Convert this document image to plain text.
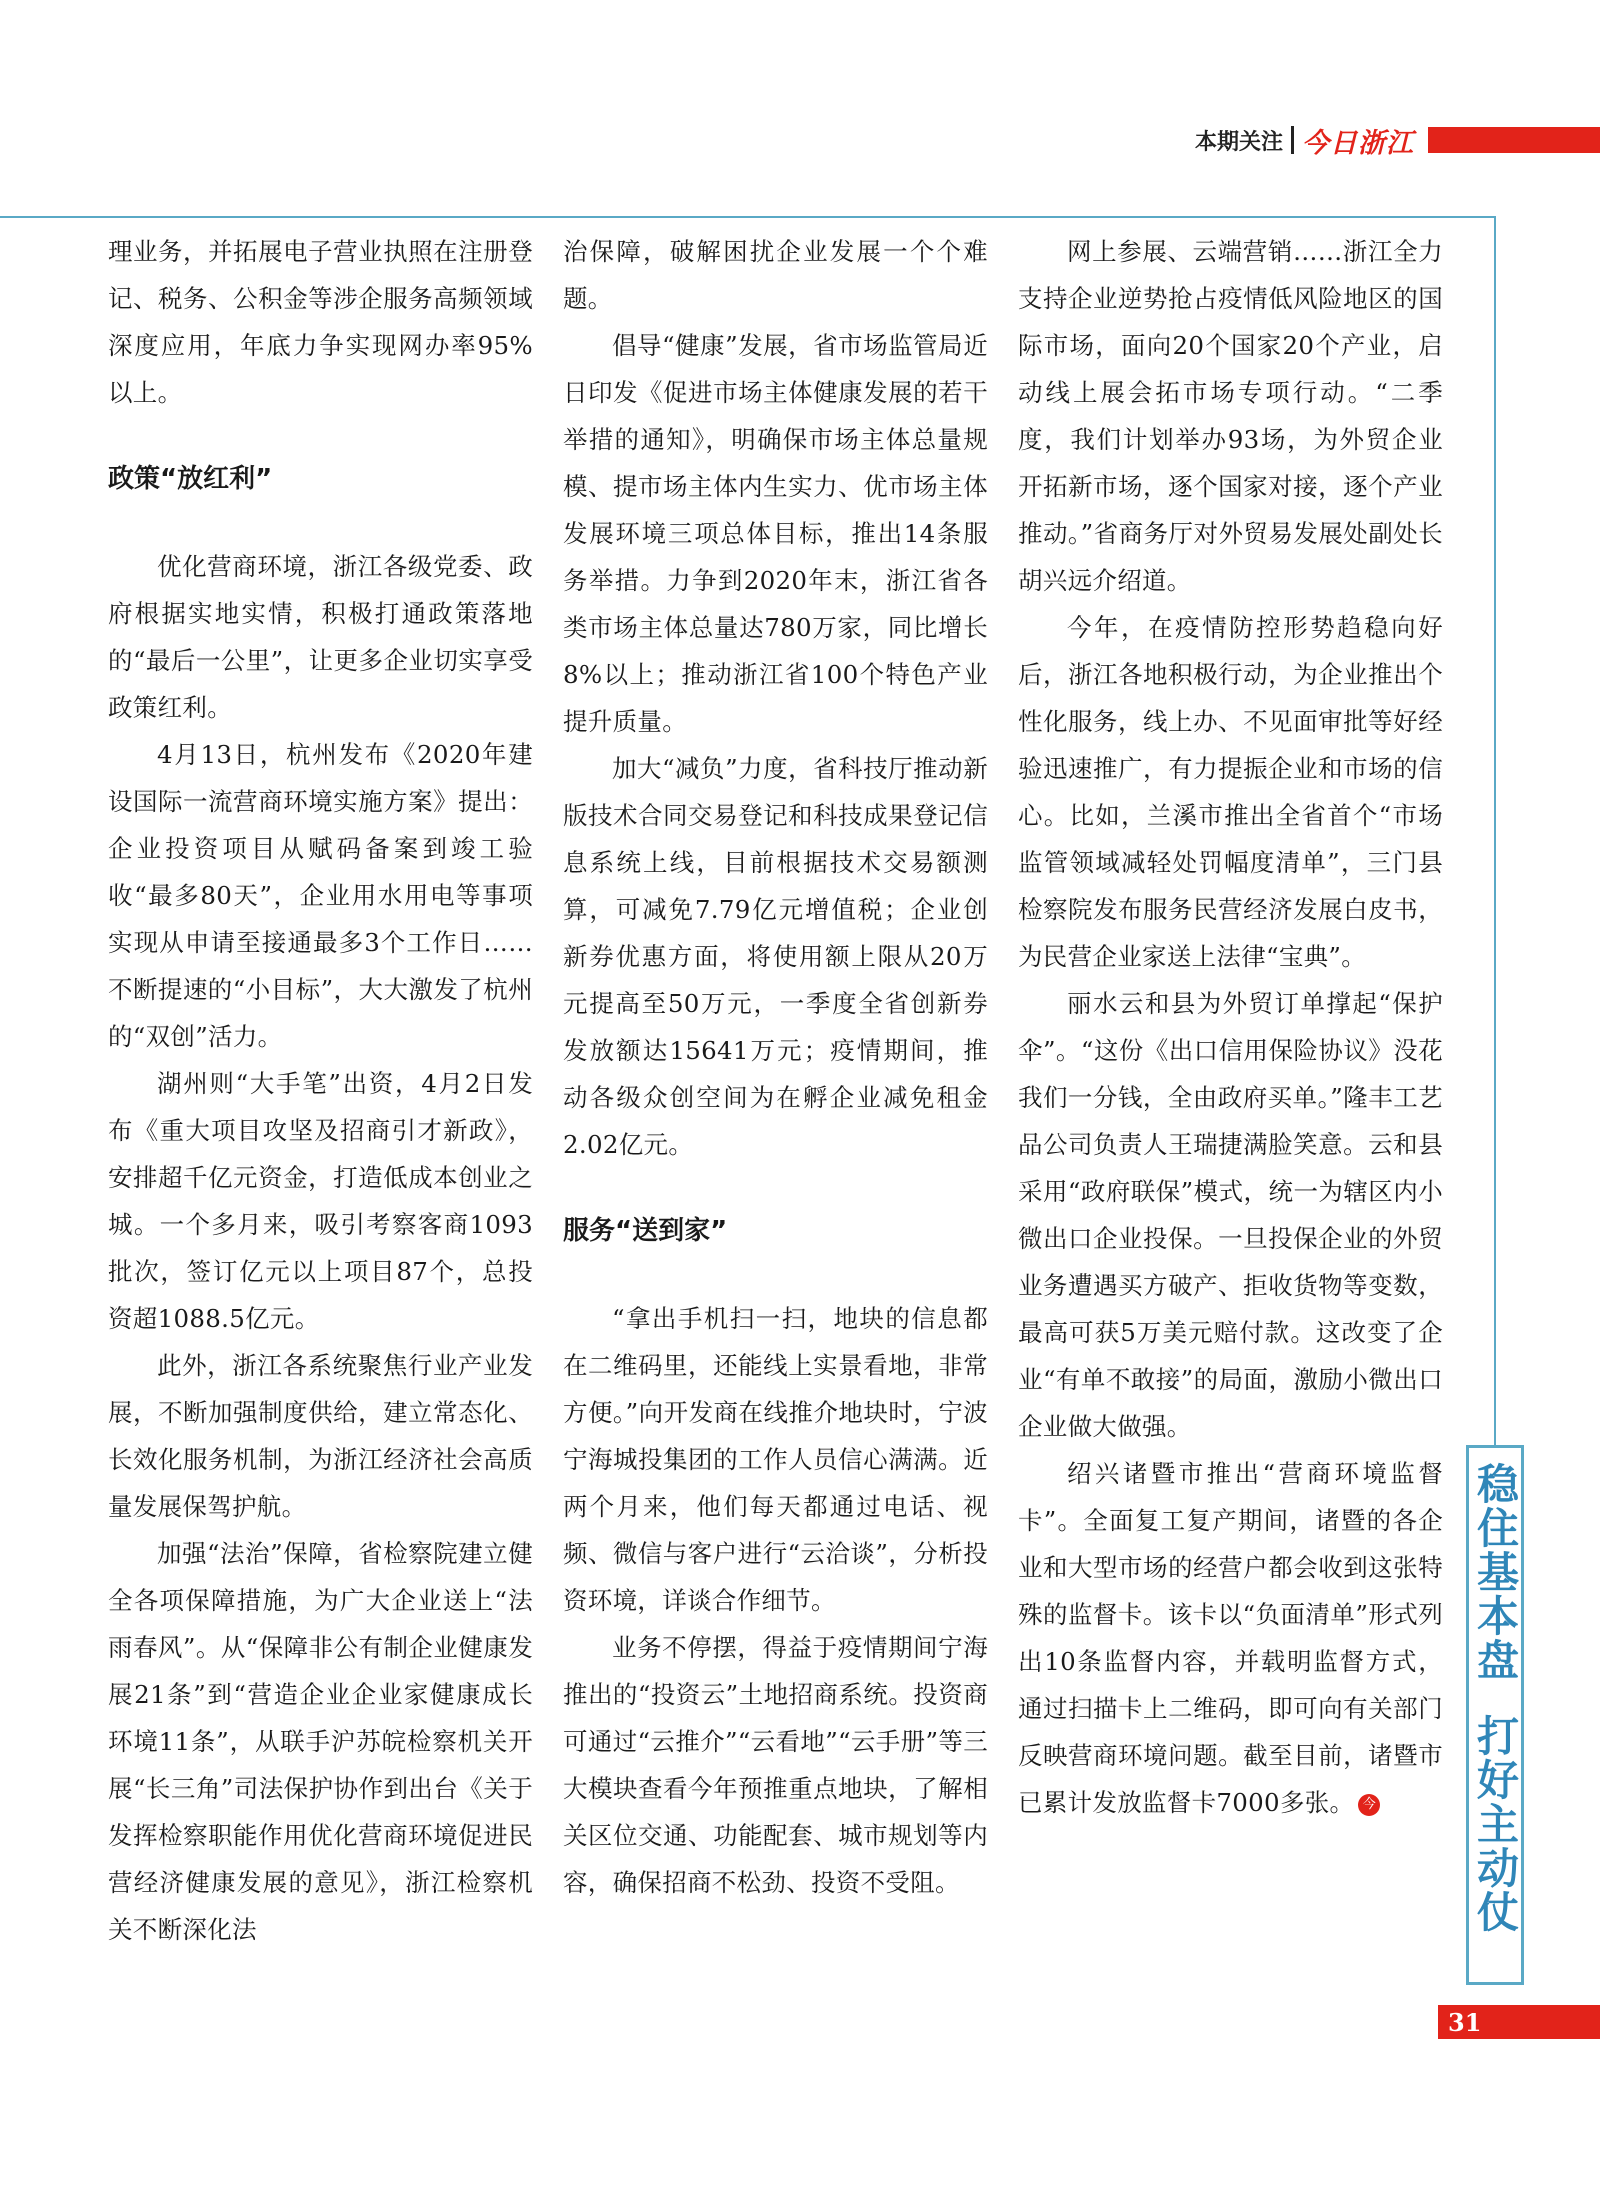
本期关注 今日浙江

理业务，并拓展电子营业执照在注册登记、税务、公积金等涉企服务高频领域深度应用，年底力争实现网办率95%以上。

政策“放红利”

优化营商环境，浙江各级党委、政府根据实地实情，积极打通政策落地的“最后一公里”，让更多企业切实享受政策红利。

4月13日，杭州发布《2020年建设国际一流营商环境实施方案》提出：企业投资项目从赋码备案到竣工验收“最多80天”，企业用水用电等事项实现从申请至接通最多3个工作日……不断提速的“小目标”，大大激发了杭州的“双创”活力。

湖州则“大手笔”出资，4月2日发布《重大项目攻坚及招商引才新政》，安排超千亿元资金，打造低成本创业之城。一个多月来，吸引考察客商1093批次，签订亿元以上项目87个，总投资超1088.5亿元。

此外，浙江各系统聚焦行业产业发展，不断加强制度供给，建立常态化、长效化服务机制，为浙江经济社会高质量发展保驾护航。

加强“法治”保障，省检察院建立健全各项保障措施，为广大企业送上“法雨春风”。从“保障非公有制企业健康发展21条”到“营造企业企业家健康成长环境11条”，从联手沪苏皖检察机关开展“长三角”司法保护协作到出台《关于发挥检察职能作用优化营商环境促进民营经济健康发展的意见》，浙江检察机关不断深化法

治保障，破解困扰企业发展一个个难题。

倡导“健康”发展，省市场监管局近日印发《促进市场主体健康发展的若干举措的通知》，明确保市场主体总量规模、提市场主体内生实力、优市场主体发展环境三项总体目标，推出14条服务举措。力争到2020年末，浙江省各类市场主体总量达780万家，同比增长8%以上；推动浙江省100个特色产业提升质量。

加大“减负”力度，省科技厅推动新版技术合同交易登记和科技成果登记信息系统上线，目前根据技术交易额测算，可减免7.79亿元增值税；企业创新券优惠方面，将使用额上限从20万元提高至50万元，一季度全省创新券发放额达15641万元；疫情期间，推动各级众创空间为在孵企业减免租金2.02亿元。

服务“送到家”

“拿出手机扫一扫，地块的信息都在二维码里，还能线上实景看地，非常方便。”向开发商在线推介地块时，宁波宁海城投集团的工作人员信心满满。近两个月来，他们每天都通过电话、视频、微信与客户进行“云洽谈”，分析投资环境，详谈合作细节。

业务不停摆，得益于疫情期间宁海推出的“投资云”土地招商系统。投资商可通过“云推介”“云看地”“云手册”等三大模块查看今年预推重点地块，了解相关区位交通、功能配套、城市规划等内容，确保招商不松劲、投资不受阻。

网上参展、云端营销……浙江全力支持企业逆势抢占疫情低风险地区的国际市场，面向20个国家20个产业，启动线上展会拓市场专项行动。“二季度，我们计划举办93场，为外贸企业开拓新市场，逐个国家对接，逐个产业推动。”省商务厅对外贸易发展处副处长胡兴远介绍道。

今年，在疫情防控形势趋稳向好后，浙江各地积极行动，为企业推出个性化服务，线上办、不见面审批等好经验迅速推广，有力提振企业和市场的信心。比如，兰溪市推出全省首个“市场监管领域减轻处罚幅度清单”，三门县检察院发布服务民营经济发展白皮书，为民营企业家送上法律“宝典”。

丽水云和县为外贸订单撑起“保护伞”。“这份《出口信用保险协议》没花我们一分钱，全由政府买单。”隆丰工艺品公司负责人王瑞捷满脸笑意。云和县采用“政府联保”模式，统一为辖区内小微出口企业投保。一旦投保企业的外贸业务遭遇买方破产、拒收货物等变数，最高可获5万美元赔付款。这改变了企业“有单不敢接”的局面，激励小微出口企业做大做强。

绍兴诸暨市推出“营商环境监督卡”。全面复工复产期间，诸暨的各企业和大型市场的经营户都会收到这张特殊的监督卡。该卡以“负面清单”形式列出10条监督内容，并载明监督方式，通过扫描卡上二维码，即可向有关部门反映营商环境问题。截至目前，诸暨市已累计发放监督卡7000多张。 今

稳住基本盘
打好主动仗
31
